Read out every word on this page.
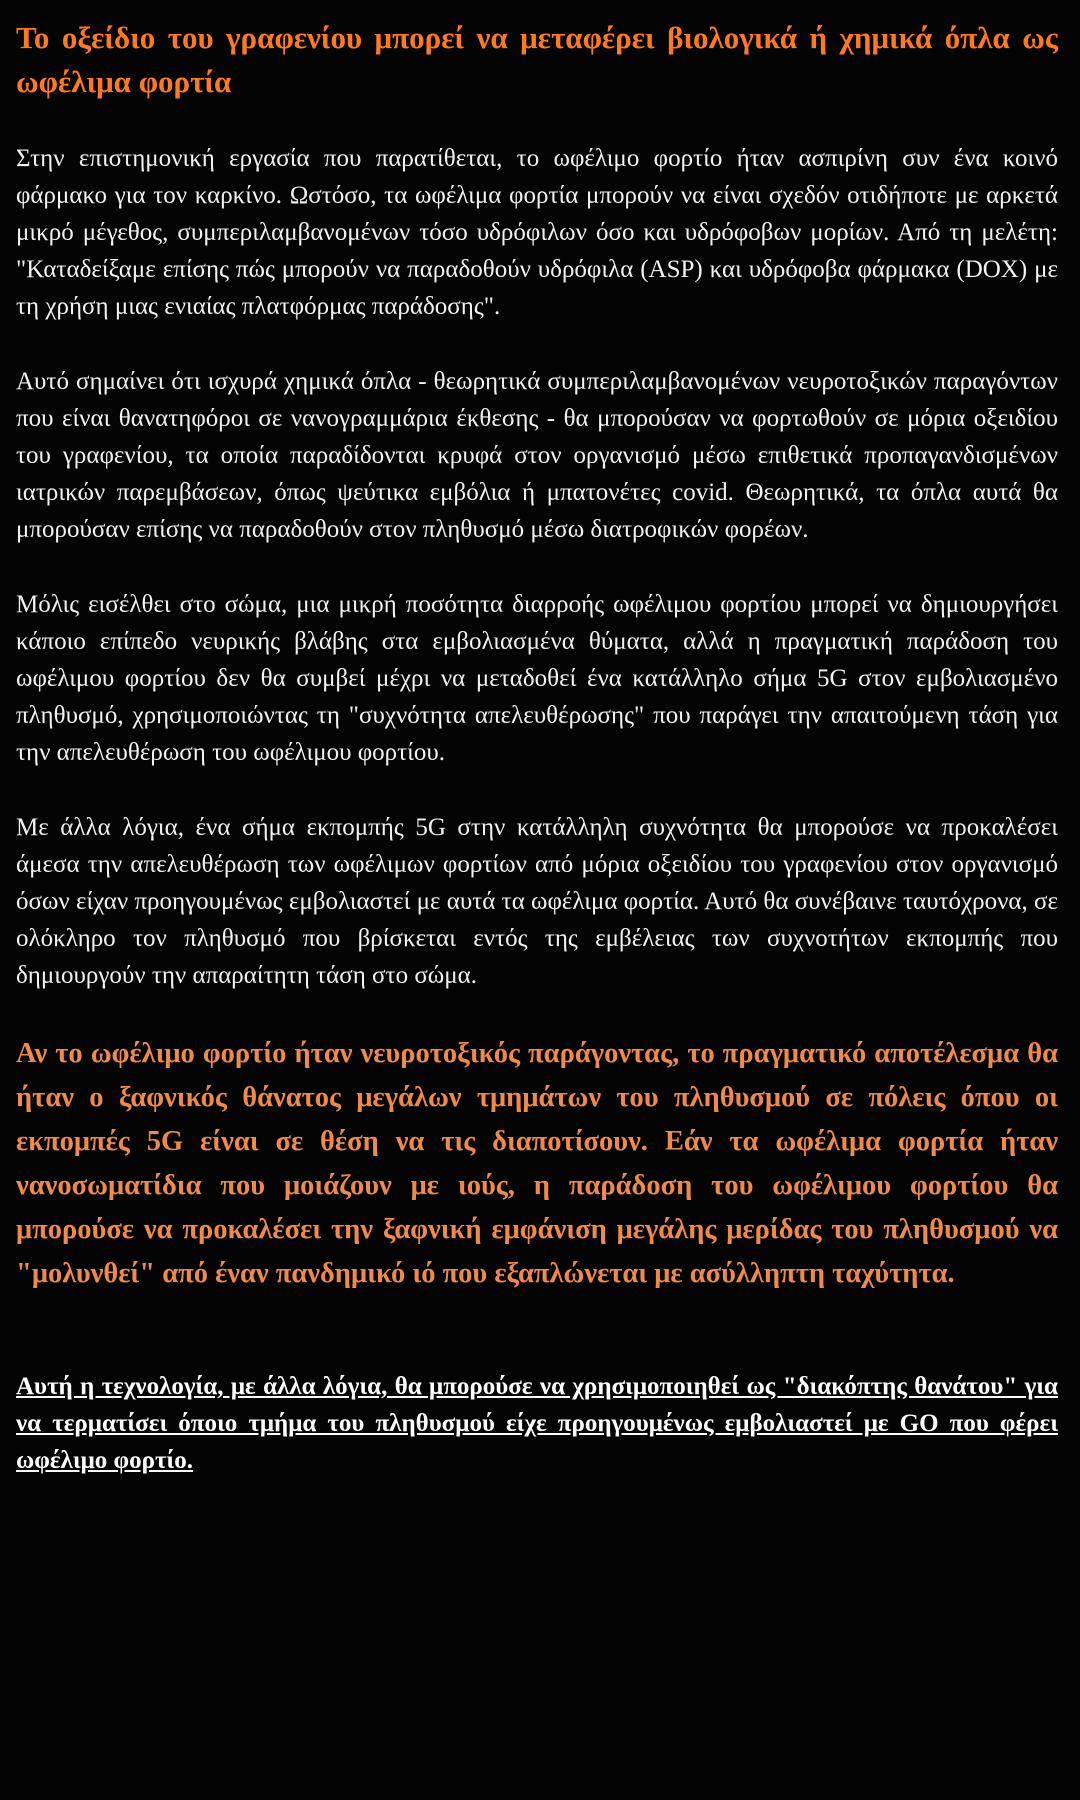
Το οξείδιο του γραφενίου μπορεί να μεταφέρει βιολογικά ή χημικά όπλα ως ωφέλιμα φορτία

Στην επιστημονική εργασία που παρατίθεται, το ωφέλιμο φορτίο ήταν ασπιρίνη συν ένα κοινό φάρμακο για τον καρκίνο. Ωστόσο, τα ωφέλιμα φορτία μπορούν να είναι σχεδόν οτιδήποτε με αρκετά μικρό μέγεθος, συμπεριλαμβανομένων τόσο υδρόφιλων όσο και υδρόφοβων μορίων. Από τη μελέτη: "Καταδείξαμε επίσης πώς μπορούν να παραδοθούν υδρόφιλα (ASP) και υδρόφοβα φάρμακα (DOX) με τη χρήση μιας ενιαίας πλατφόρμας παράδοσης".

Αυτό σημαίνει ότι ισχυρά χημικά όπλα - θεωρητικά συμπεριλαμβανομένων νευροτοξικών παραγόντων που είναι θανατηφόροι σε νανογραμμάρια έκθεσης - θα μπορούσαν να φορτωθούν σε μόρια οξειδίου του γραφενίου, τα οποία παραδίδονται κρυφά στον οργανισμό μέσω επιθετικά προπαγανδισμένων ιατρικών παρεμβάσεων, όπως ψεύτικα εμβόλια ή μπατονέτες covid. Θεωρητικά, τα όπλα αυτά θα μπορούσαν επίσης να παραδοθούν στον πληθυσμό μέσω διατροφικών φορέων.

Μόλις εισέλθει στο σώμα, μια μικρή ποσότητα διαρροής ωφέλιμου φορτίου μπορεί να δημιουργήσει κάποιο επίπεδο νευρικής βλάβης στα εμβολιασμένα θύματα, αλλά η πραγματική παράδοση του ωφέλιμου φορτίου δεν θα συμβεί μέχρι να μεταδοθεί ένα κατάλληλο σήμα 5G στον εμβολιασμένο πληθυσμό, χρησιμοποιώντας τη "συχνότητα απελευθέρωσης" που παράγει την απαιτούμενη τάση για την απελευθέρωση του ωφέλιμου φορτίου.

Με άλλα λόγια, ένα σήμα εκπομπής 5G στην κατάλληλη συχνότητα θα μπορούσε να προκαλέσει άμεσα την απελευθέρωση των ωφέλιμων φορτίων από μόρια οξειδίου του γραφενίου στον οργανισμό όσων είχαν προηγουμένως εμβολιαστεί με αυτά τα ωφέλιμα φορτία. Αυτό θα συνέβαινε ταυτόχρονα, σε ολόκληρο τον πληθυσμό που βρίσκεται εντός της εμβέλειας των συχνοτήτων εκπομπής που δημιουργούν την απαραίτητη τάση στο σώμα.

Αν το ωφέλιμο φορτίο ήταν νευροτοξικός παράγοντας, το πραγματικό αποτέλεσμα θα ήταν ο ξαφνικός θάνατος μεγάλων τμημάτων του πληθυσμού σε πόλεις όπου οι εκπομπές 5G είναι σε θέση να τις διαποτίσουν. Εάν τα ωφέλιμα φορτία ήταν νανοσωματίδια που μοιάζουν με ιούς, η παράδοση του ωφέλιμου φορτίου θα μπορούσε να προκαλέσει την ξαφνική εμφάνιση μεγάλης μερίδας του πληθυσμού να "μολυνθεί" από έναν πανδημικό ιό που εξαπλώνεται με ασύλληπτη ταχύτητα.

Αυτή η τεχνολογία, με άλλα λόγια, θα μπορούσε να χρησιμοποιηθεί ως "διακόπτης θανάτου" για να τερματίσει όποιο τμήμα του πληθυσμού είχε προηγουμένως εμβολιαστεί με GO που φέρει ωφέλιμο φορτίο.
